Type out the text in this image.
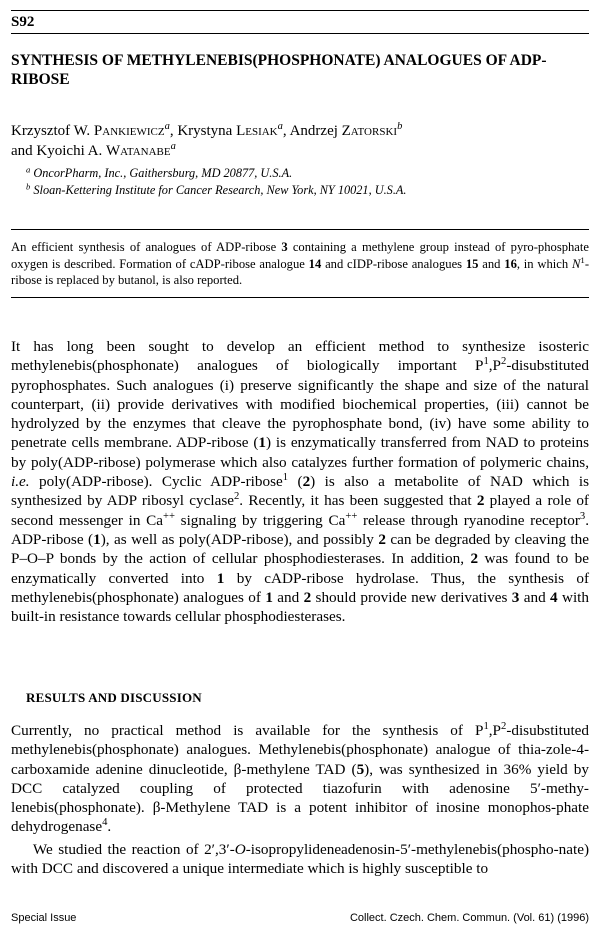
S92
SYNTHESIS OF METHYLENEBIS(PHOSPHONATE) ANALOGUES OF ADP-RIBOSE
Krzysztof W. Pankiewicz$^a$, Krystyna Lesiak$^a$, Andrzej Zatorski$^b$
and Kyoichi A. Watanabe$^a$
$^a$ OncorPharm, Inc., Gaithersburg, MD 20877, U.S.A.
$^b$ Sloan-Kettering Institute for Cancer Research, New York, NY 10021, U.S.A.

An efficient synthesis of analogues of ADP-ribose 3 containing a methylene group instead of pyro-phosphate oxygen is described. Formation of cADP-ribose analogue 14 and cIDP-ribose analogues 15 and 16, in which $N^1$-ribose is replaced by butanol, is also reported.

It has long been sought to develop an efficient method to synthesize isosteric methylenebis(phosphonate) analogues of biologically important $P^1,P^2$-disubstituted pyrophosphates. Such analogues (i) preserve significantly the shape and size of the natural counterpart, (ii) provide derivatives with modified biochemical properties, (iii) cannot be hydrolyzed by the enzymes that cleave the pyrophosphate bond, (iv) have some ability to penetrate cells membrane. ADP-ribose (1) is enzymatically transferred from NAD to proteins by poly(ADP-ribose) polymerase which also catalyzes further formation of polymeric chains, i.e. poly(ADP-ribose). Cyclic ADP-ribose$^1$ (2) is also a metabolite of NAD which is synthesized by ADP ribosyl cyclase$^2$. Recently, it has been suggested that 2 played a role of second messenger in Ca++ signaling by triggering Ca++ release through ryanodine receptor$^3$. ADP-ribose (1), as well as poly(ADP-ribose), and possibly 2 can be degraded by cleaving the P–O–P bonds by the action of cellular phosphodiesterases. In addition, 2 was found to be enzymatically converted into 1 by cADP-ribose hydrolase. Thus, the synthesis of methylenebis(phosphonate) analogues of 1 and 2 should provide new derivatives 3 and 4 with built-in resistance towards cellular phosphodiesterases.

RESULTS AND DISCUSSION

Currently, no practical method is available for the synthesis of $P^1,P^2$-disubstituted methylenebis(phosphonate) analogues. Methylenebis(phosphonate) analogue of thia-zole-4-carboxamide adenine dinucleotide, β-methylene TAD (5), was synthesized in 36% yield by DCC catalyzed coupling of protected tiazofurin with adenosine 5′-methy-lenebis(phosphonate). β-Methylene TAD is a potent inhibitor of inosine monophos-phate dehydrogenase$^4$.

We studied the reaction of 2′,3′-O-isopropylideneadenosin-5′-methylenebis(phospho-nate) with DCC and discovered a unique intermediate which is highly susceptible to

Special Issue	Collect. Czech. Chem. Commun. (Vol. 61) (1996)
